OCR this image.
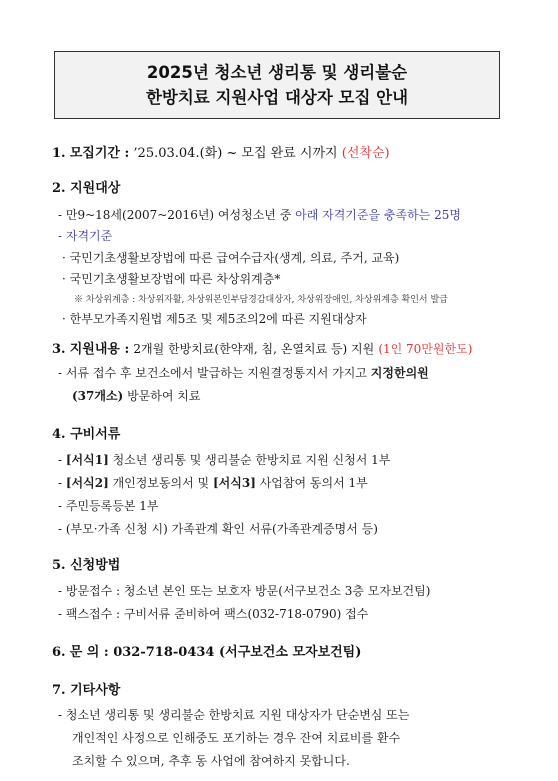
2025년 청소년 생리통 및 생리불순
한방치료 지원사업 대상자 모집 안내
1. 모집기간 : ’25.03.04.(화) ~ 모집 완료 시까지 (선착순)
2. 지원대상
- 만9~18세(2007~2016년) 여성청소년 중 아래 자격기준을 충족하는 25명
- 자격기준
· 국민기초생활보장법에 따른 급여수급자(생계, 의료, 주거, 교육)
· 국민기초생활보장법에 따른 차상위계층*
※ 차상위계층 : 차상위자활, 차상위본인부담경감대상자, 차상위장애인, 차상위계층 확인서 발급
· 한부모가족지원법 제5조 및 제5조의2에 따른 지원대상자
3. 지원내용 : 2개월 한방치료(한약재, 침, 온열치료 등) 지원 (1인 70만원한도)
- 서류 접수 후 보건소에서 발급하는 지원결정통지서 가지고 지정한의원
(37개소) 방문하여 치료
4. 구비서류
- [서식1] 청소년 생리통 및 생리불순 한방치료 지원 신청서 1부
- [서식2] 개인정보동의서 및 [서식3] 사업참여 동의서 1부
- 주민등록등본 1부
- (부모·가족 신청 시) 가족관계 확인 서류(가족관계증명서 등)
5. 신청방법
- 방문접수 : 청소년 본인 또는 보호자 방문(서구보건소 3층 모자보건팀)
- 팩스접수 : 구비서류 준비하여 팩스(032-718-0790) 접수
6. 문 의 : 032-718-0434 (서구보건소 모자보건팀)
7. 기타사항
- 청소년 생리통 및 생리불순 한방치료 지원 대상자가 단순변심 또는
개인적인 사정으로 인해중도 포기하는 경우 잔여 치료비를 환수
조치할 수 있으며, 추후 동 사업에 참여하지 못합니다.
